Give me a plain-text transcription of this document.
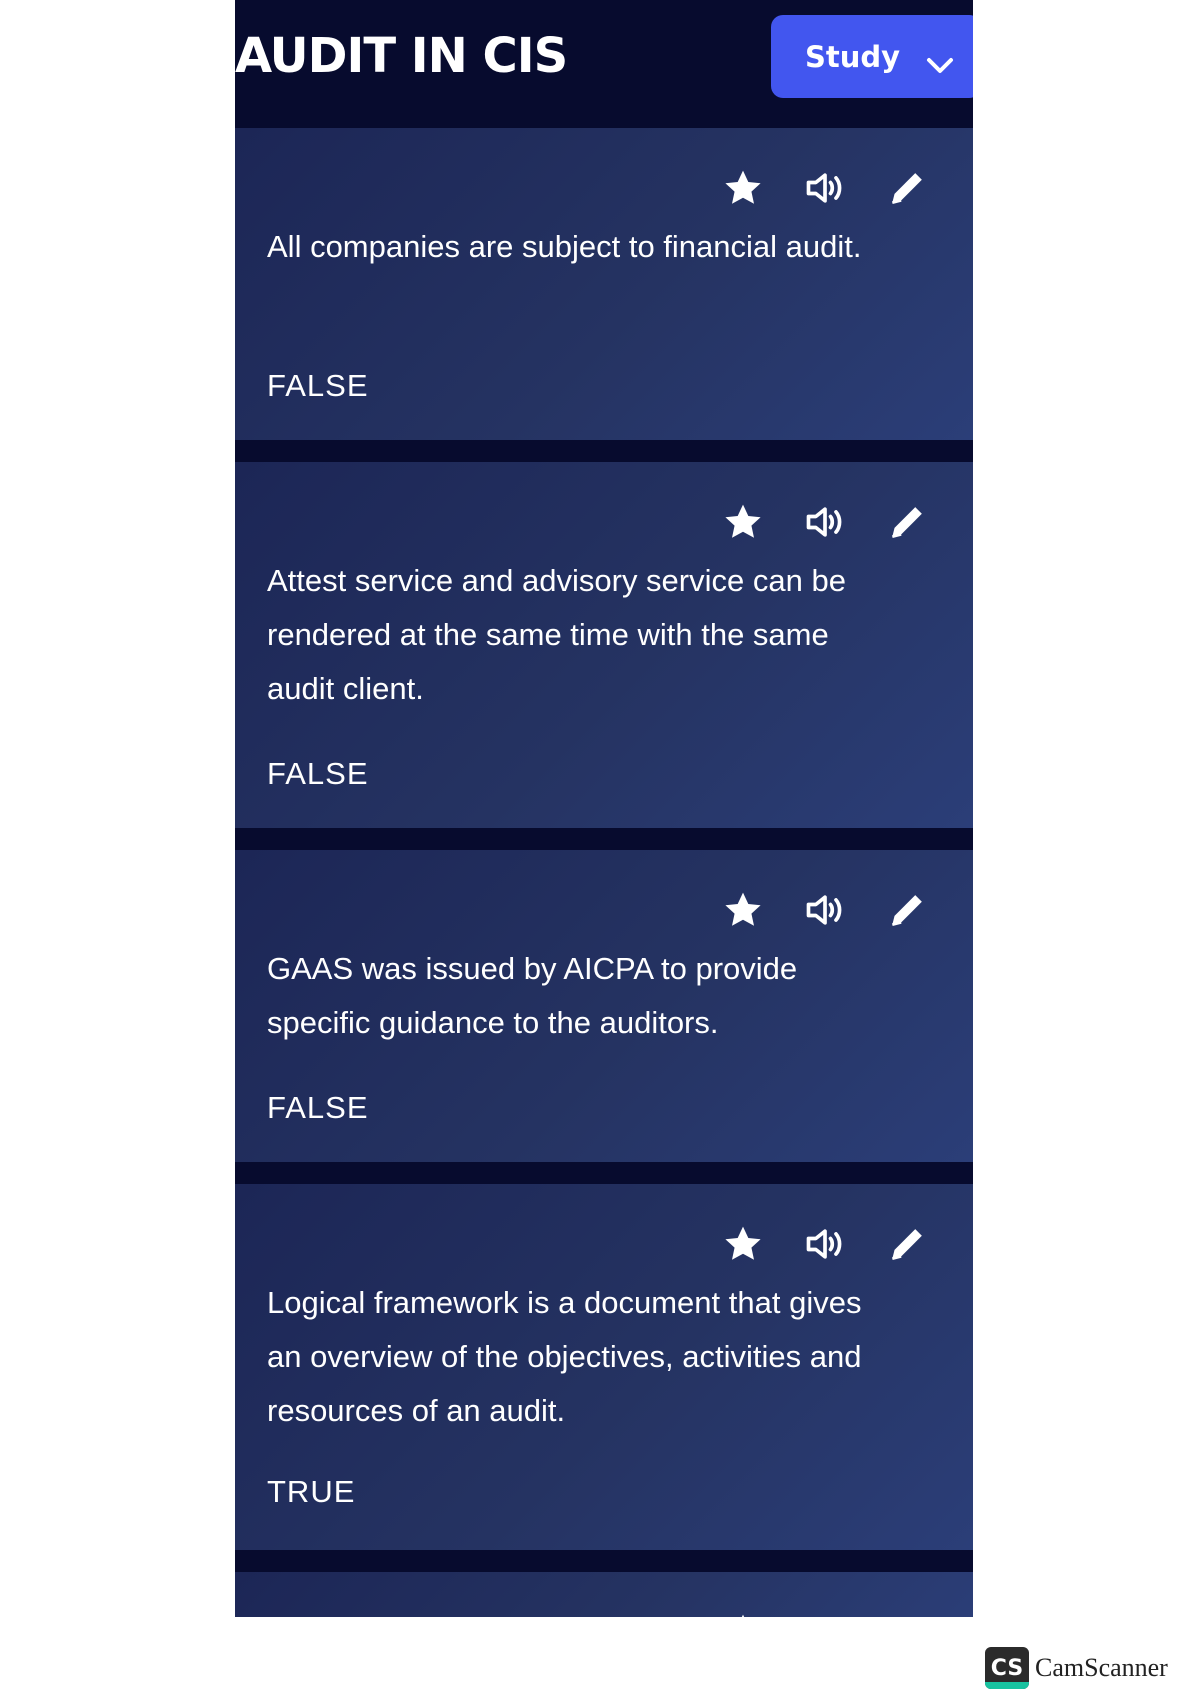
AUDIT IN CIS	Study

All companies are subject to financial audit.

FALSE

Attest service and advisory service can be rendered at the same time with the same audit client.

FALSE

GAAS was issued by AICPA to provide specific guidance to the auditors.

FALSE

Logical framework is a document that gives an overview of the objectives, activities and resources of an audit.

TRUE

CS CamScanner
